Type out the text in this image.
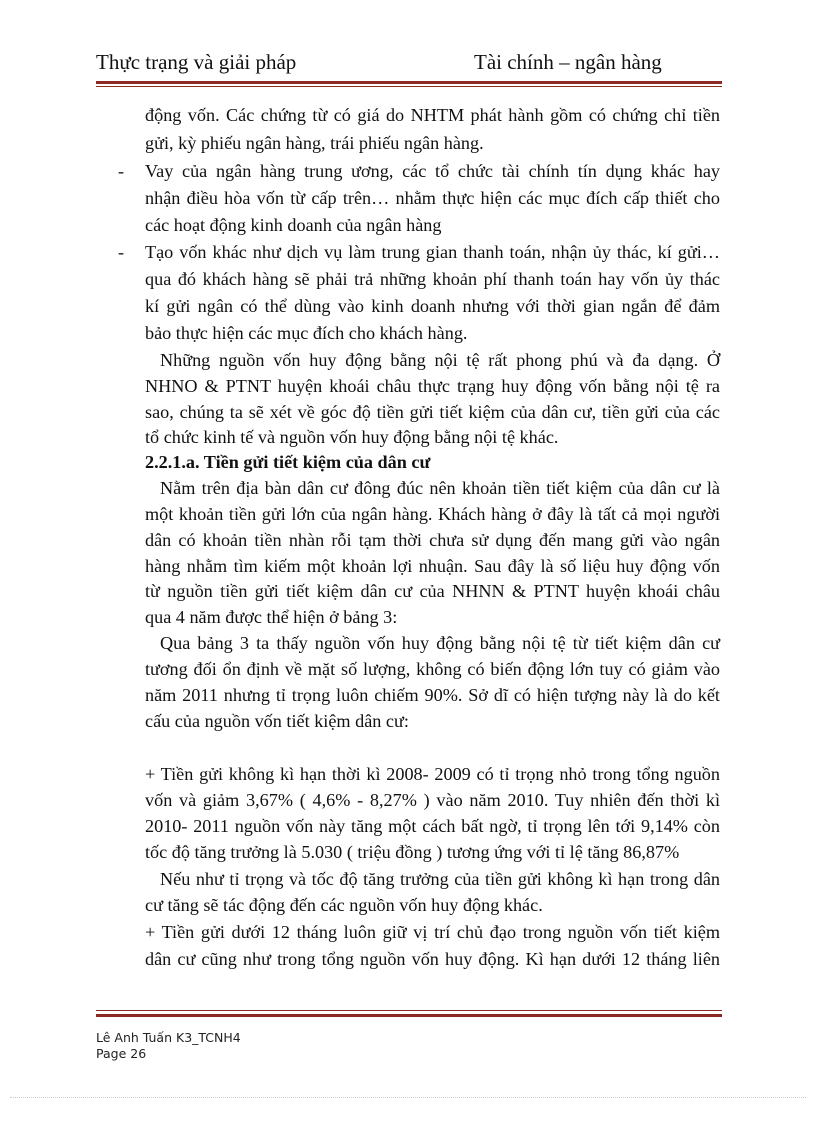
Thực trạng và giải pháp	Tài chính – ngân hàng
động vốn. Các chứng từ có giá do NHTM phát hành gồm có chứng chỉ tiền
gửi, kỳ phiếu ngân hàng, trái phiếu ngân hàng.
- Vay của ngân hàng trung ương, các tổ chức tài chính tín dụng khác hay
nhận điều hòa vốn từ cấp trên… nhằm thực hiện các mục đích cấp thiết cho
các hoạt động kinh doanh của ngân hàng
- Tạo vốn khác như dịch vụ làm trung gian thanh toán, nhận ủy thác, kí gửi…
qua đó khách hàng sẽ phải trả những khoản phí thanh toán hay vốn ủy thác
kí gửi ngân có thể dùng vào kinh doanh nhưng với thời gian ngắn để đảm
bảo thực hiện các mục đích cho khách hàng.
Những nguồn vốn huy động bằng nội tệ rất phong phú và đa dạng. Ở
NHNO & PTNT huyện khoái châu thực trạng huy động vốn bằng nội tệ ra
sao, chúng ta sẽ xét về góc độ tiền gửi tiết kiệm của dân cư, tiền gửi của các
tổ chức kinh tế và nguồn vốn huy động bằng nội tệ khác.
2.2.1.a. Tiền gửi tiết kiệm của dân cư
Nằm trên địa bàn dân cư đông đúc nên khoản tiền tiết kiệm của dân cư là
một khoản tiền gửi lớn của ngân hàng. Khách hàng ở đây là tất cả mọi người
dân có khoản tiền nhàn rỗi tạm thời chưa sử dụng đến mang gửi vào ngân
hàng nhằm tìm kiếm một khoản lợi nhuận. Sau đây là số liệu huy động vốn
từ nguồn tiền gửi tiết kiệm dân cư của NHNN & PTNT huyện khoái châu
qua 4 năm được thể hiện ở bảng 3:
Qua bảng 3 ta thấy nguồn vốn huy động bằng nội tệ từ tiết kiệm dân cư
tương đối ổn định về mặt số lượng, không có biến động lớn tuy có giảm vào
năm 2011 nhưng tỉ trọng luôn chiếm 90%. Sở dĩ có hiện tượng này là do kết
cấu của nguồn vốn tiết kiệm dân cư:
+ Tiền gửi không kì hạn thời kì 2008- 2009 có tỉ trọng nhỏ trong tổng nguồn
vốn và giảm 3,67% ( 4,6% - 8,27% ) vào năm 2010. Tuy nhiên đến thời kì
2010- 2011 nguồn vốn này tăng một cách bất ngờ, tỉ trọng lên tới 9,14% còn
tốc độ tăng trưởng là 5.030 ( triệu đồng ) tương ứng với tỉ lệ tăng 86,87%
Nếu như tỉ trọng và tốc độ tăng trưởng của tiền gửi không kì hạn trong dân
cư tăng sẽ tác động đến các nguồn vốn huy động khác.
+ Tiền gửi dưới 12 tháng luôn giữ vị trí chủ đạo trong nguồn vốn tiết kiệm
dân cư cũng như trong tổng nguồn vốn huy động. Kì hạn dưới 12 tháng liên
Lê Anh Tuấn K3_TCNH4
Page 26
